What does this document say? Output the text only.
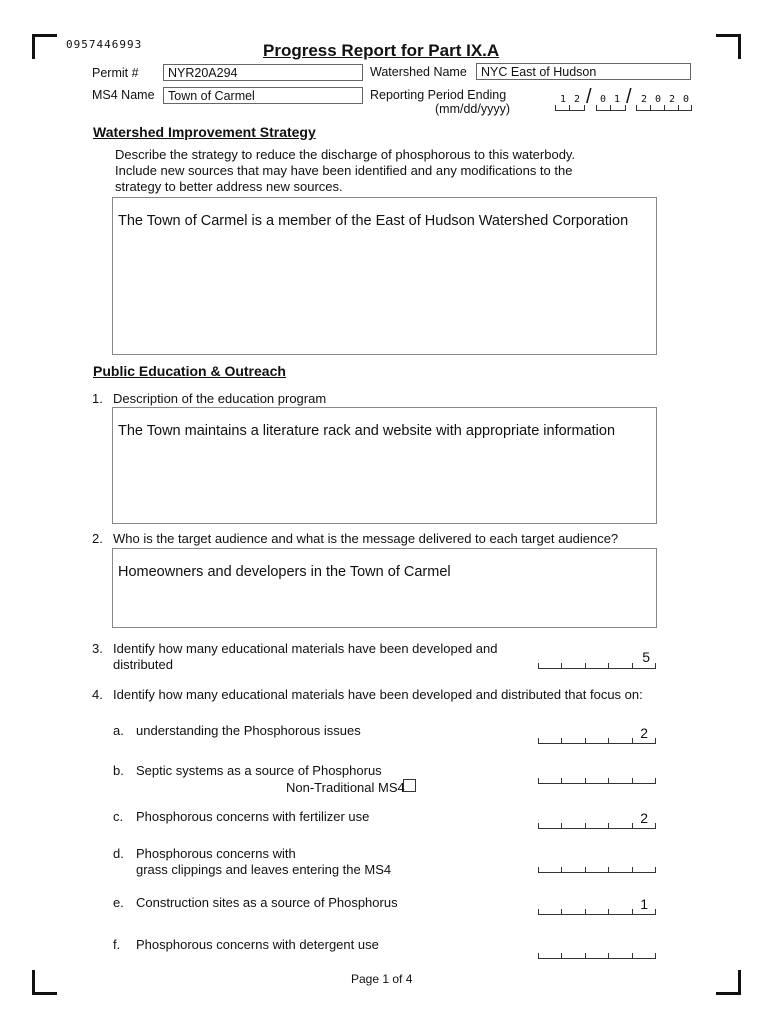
0957446993	Progress Report for Part IX.A
Permit #	NYR20A294	Watershed Name	NYC East of Hudson
MS4 Name	Town of Carmel	Reporting Period Ending
(mm/dd/yyyy)
1 2 / 0 1 / 2 0 2 0
Watershed Improvement Strategy
Describe the strategy to reduce the discharge of phosphorous to this waterbody. Include new sources that may have been identified and any modifications to the strategy to better address new sources.
The Town of Carmel is a member of the East of Hudson Watershed Corporation
Public Education & Outreach
1. Description of the education program
The Town maintains a literature rack and website with appropriate information
2. Who is the target audience and what is the message delivered to each target audience?
Homeowners and developers in the Town of Carmel
3. Identify how many educational materials have been developed and distributed	5
4. Identify how many educational materials have been developed and distributed that focus on:
a. understanding the Phosphorous issues	2
b. Septic systems as a source of Phosphorus
Non-Traditional MS4
c. Phosphorous concerns with fertilizer use	2
d. Phosphorous concerns with
grass clippings and leaves entering the MS4
e. Construction sites as a source of Phosphorus	1
f. Phosphorous concerns with detergent use
Page 1 of 4
